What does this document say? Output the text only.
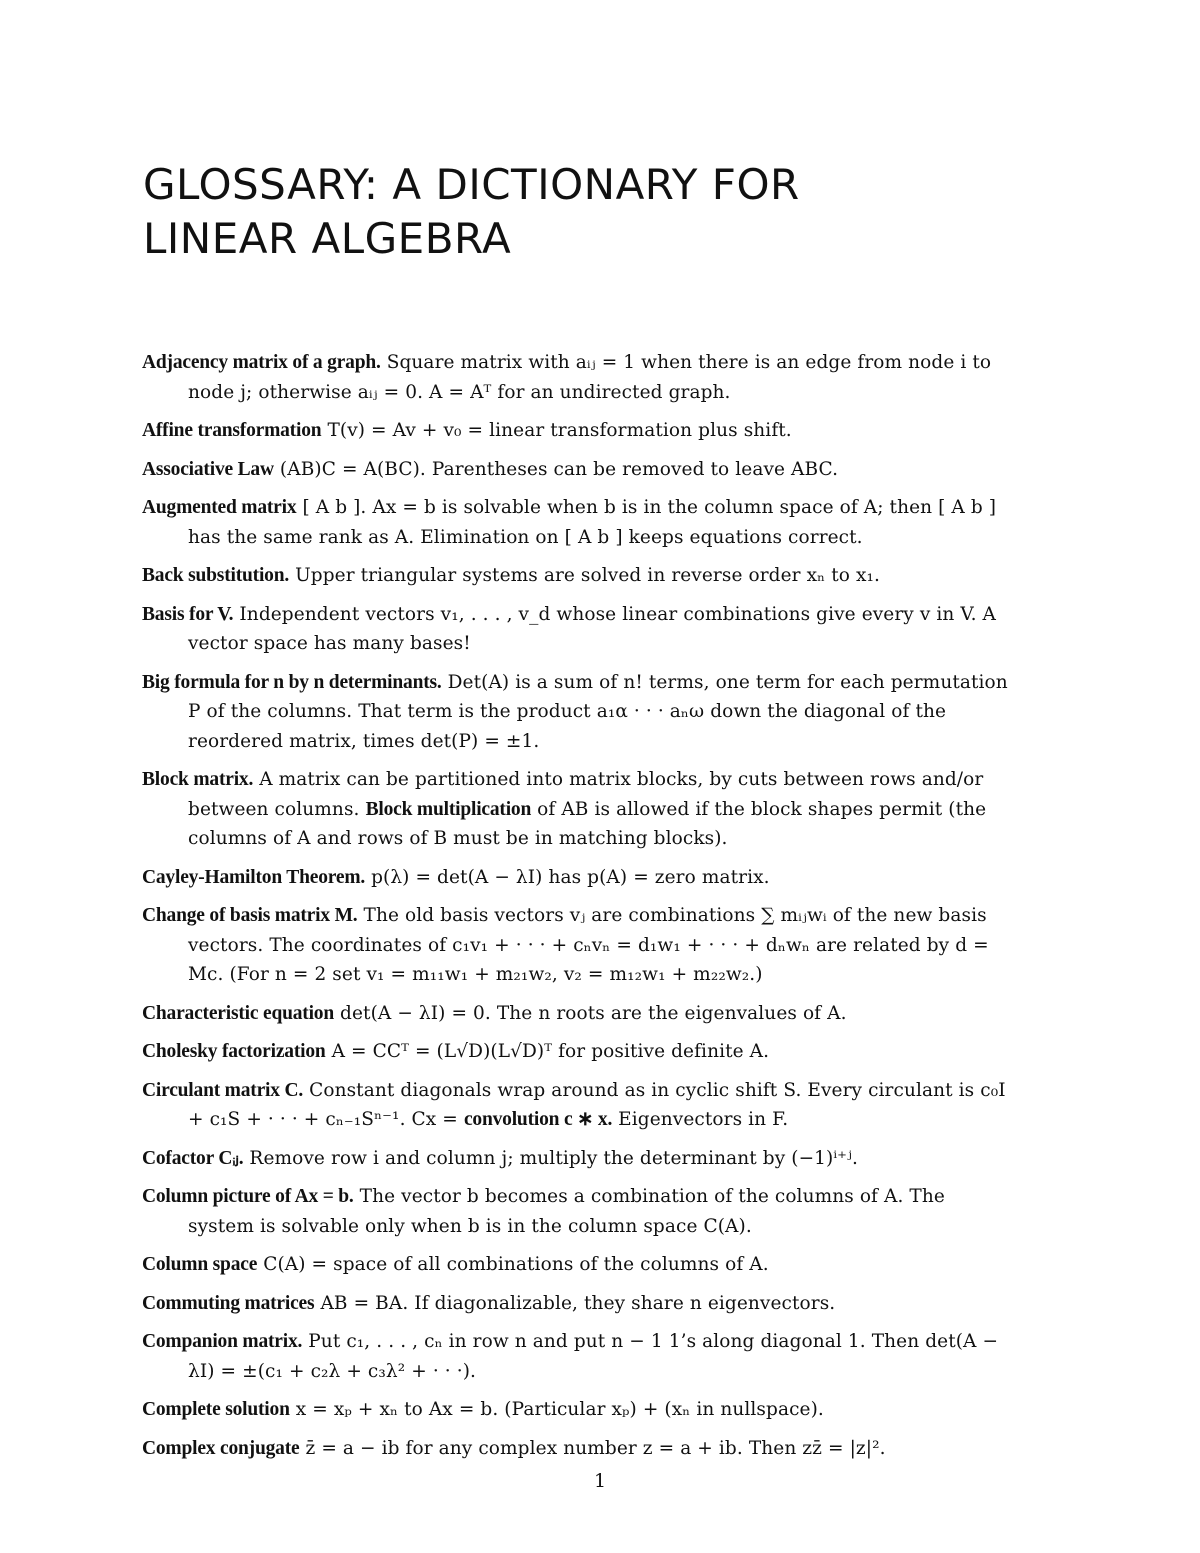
GLOSSARY: A DICTIONARY FOR
LINEAR ALGEBRA

Adjacency matrix of a graph. Square matrix with aᵢⱼ = 1 when there is an edge from node i to node j; otherwise aᵢⱼ = 0. A = Aᵀ for an undirected graph.

Affine transformation T(v) = Av + v₀ = linear transformation plus shift.

Associative Law (AB)C = A(BC). Parentheses can be removed to leave ABC.

Augmented matrix [ A b ]. Ax = b is solvable when b is in the column space of A; then [ A b ] has the same rank as A. Elimination on [ A b ] keeps equations correct.

Back substitution. Upper triangular systems are solved in reverse order xₙ to x₁.

Basis for V. Independent vectors v₁, . . . , v_d whose linear combinations give every v in V. A vector space has many bases!

Big formula for n by n determinants. Det(A) is a sum of n! terms, one term for each permutation P of the columns. That term is the product a₁α · · · aₙω down the diagonal of the reordered matrix, times det(P) = ±1.

Block matrix. A matrix can be partitioned into matrix blocks, by cuts between rows and/or between columns. Block multiplication of AB is allowed if the block shapes permit (the columns of A and rows of B must be in matching blocks).

Cayley-Hamilton Theorem. p(λ) = det(A − λI) has p(A) = zero matrix.

Change of basis matrix M. The old basis vectors vⱼ are combinations ∑ mᵢⱼwᵢ of the new basis vectors. The coordinates of c₁v₁ + · · · + cₙvₙ = d₁w₁ + · · · + dₙwₙ are related by d = Mc. (For n = 2 set v₁ = m₁₁w₁ + m₂₁w₂, v₂ = m₁₂w₁ + m₂₂w₂.)

Characteristic equation det(A − λI) = 0. The n roots are the eigenvalues of A.

Cholesky factorization A = CCᵀ = (L√D)(L√D)ᵀ for positive definite A.

Circulant matrix C. Constant diagonals wrap around as in cyclic shift S. Every circulant is c₀I + c₁S + · · · + cₙ₋₁Sⁿ⁻¹. Cx = convolution c ∗ x. Eigenvectors in F.

Cofactor Cᵢⱼ. Remove row i and column j; multiply the determinant by (−1)ⁱ⁺ʲ.

Column picture of Ax = b. The vector b becomes a combination of the columns of A. The system is solvable only when b is in the column space C(A).

Column space C(A) = space of all combinations of the columns of A.

Commuting matrices AB = BA. If diagonalizable, they share n eigenvectors.

Companion matrix. Put c₁, . . . , cₙ in row n and put n − 1 1’s along diagonal 1. Then det(A − λI) = ±(c₁ + c₂λ + c₃λ² + · · ·).

Complete solution x = xₚ + xₙ to Ax = b. (Particular xₚ) + (xₙ in nullspace).

Complex conjugate z̄ = a − ib for any complex number z = a + ib. Then zz̄ = |z|².

1
